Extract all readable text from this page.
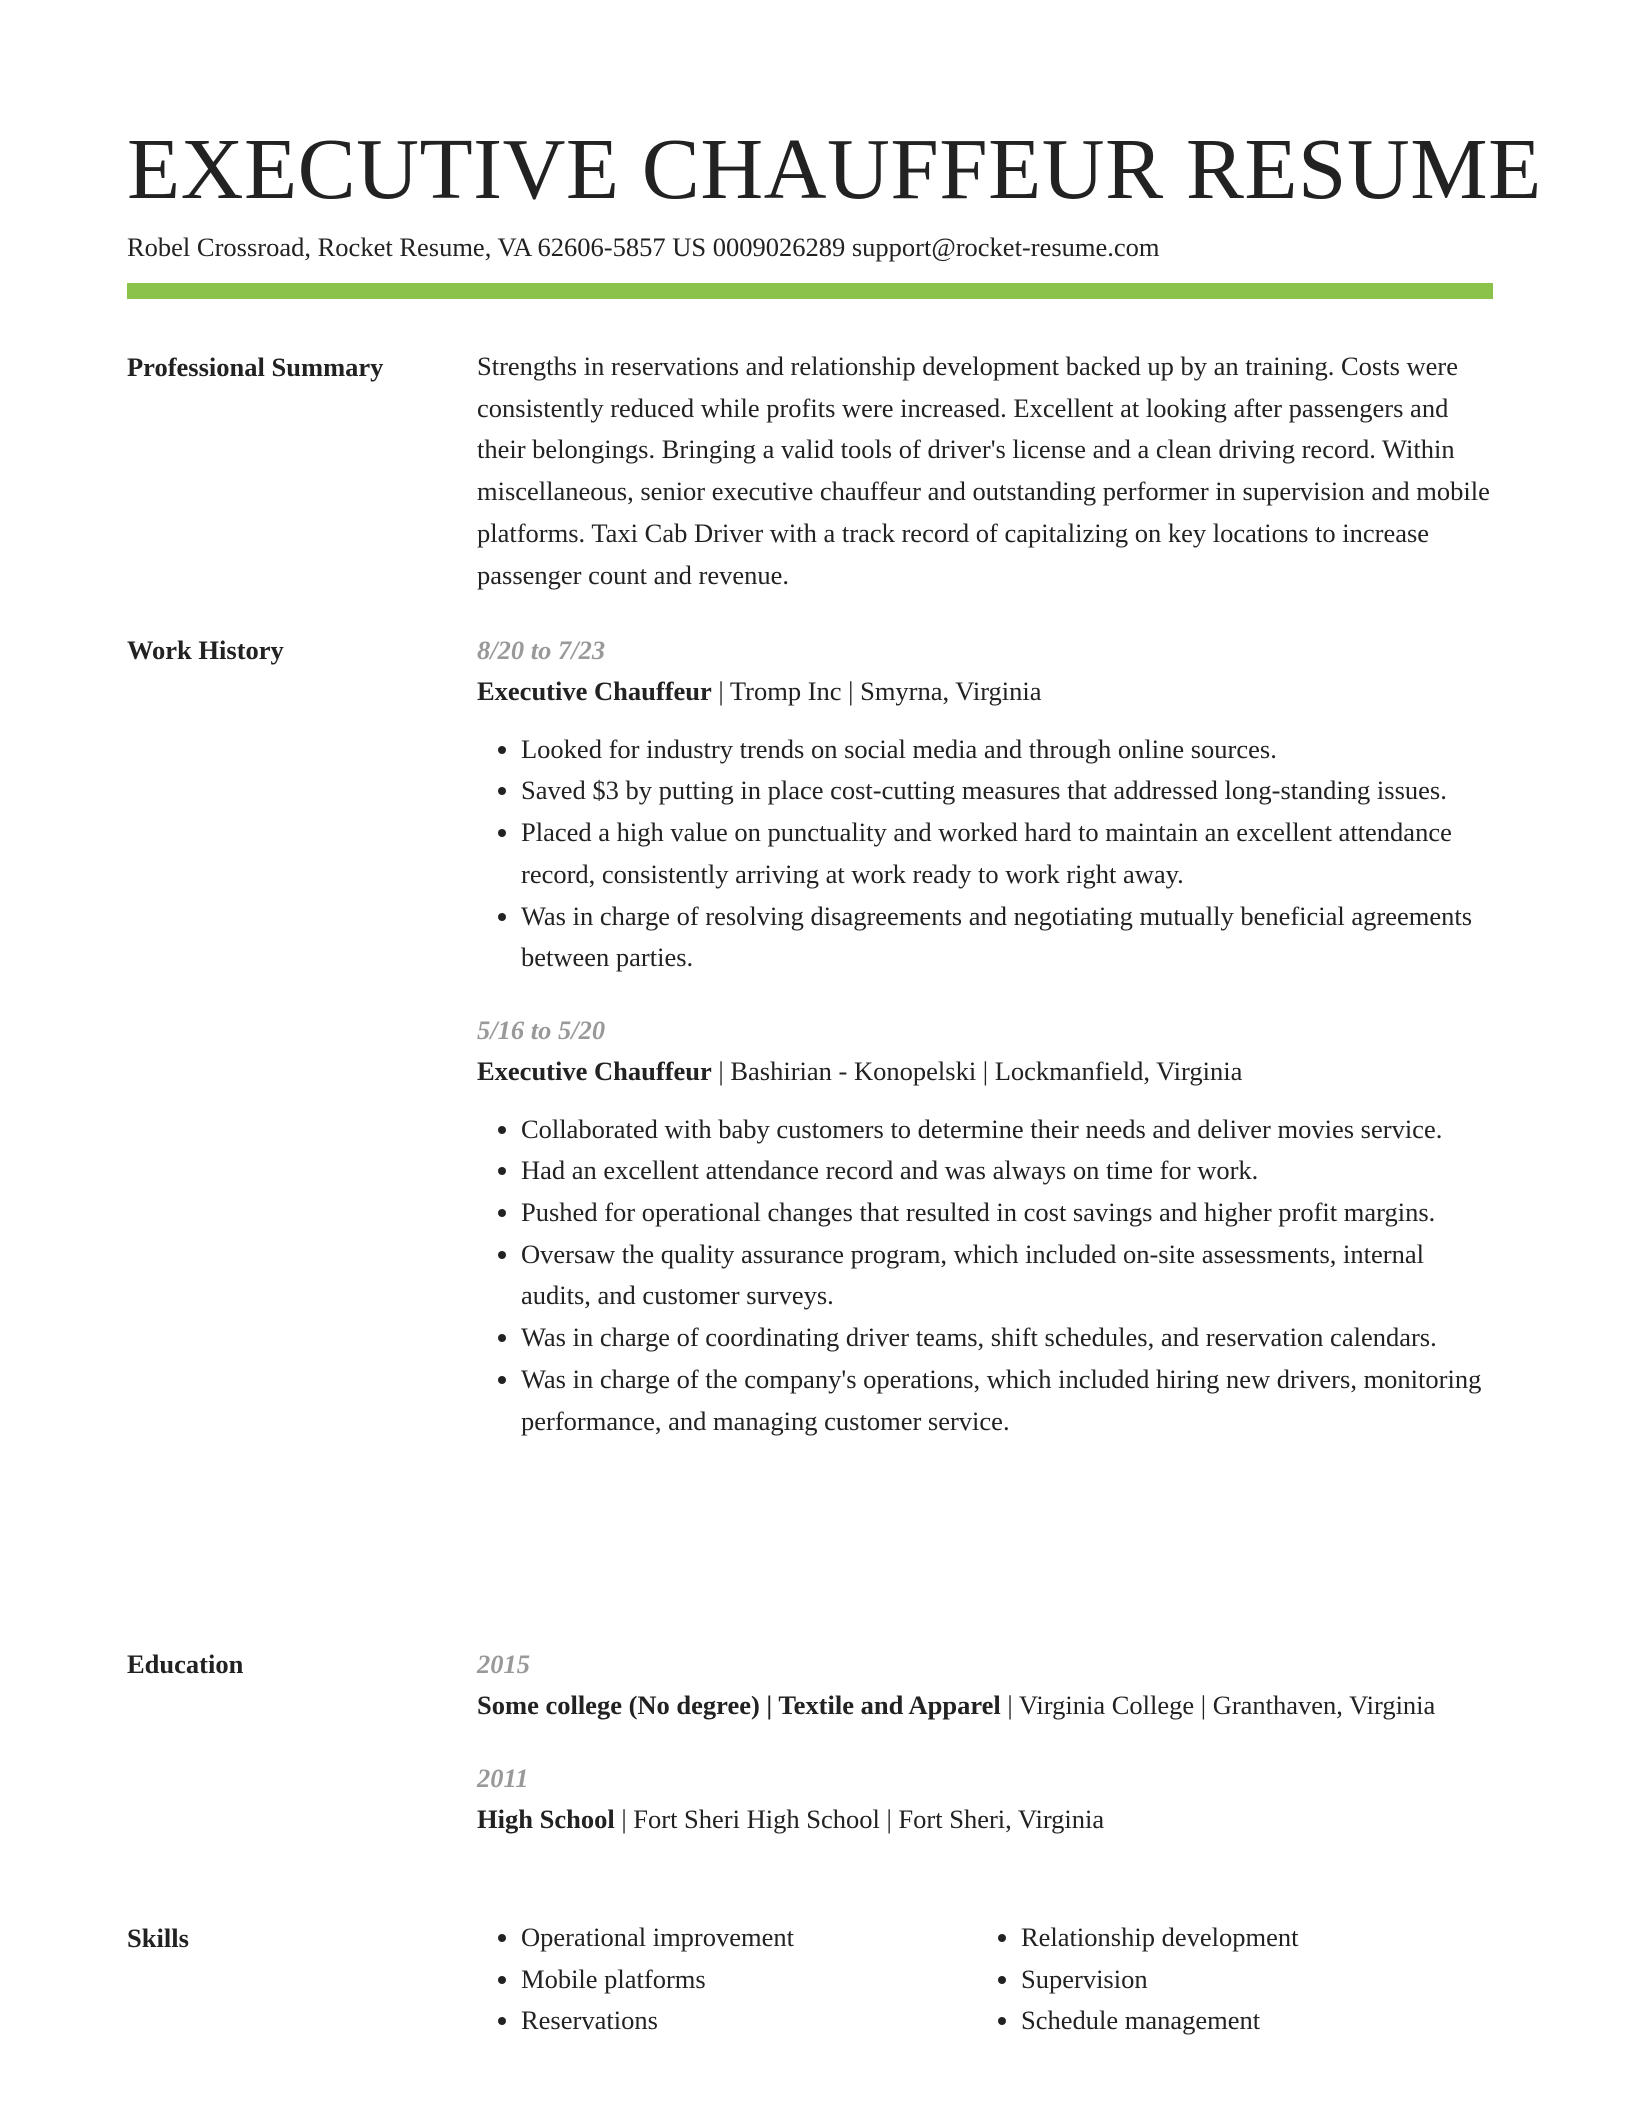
EXECUTIVE CHAUFFEUR RESUME
Robel Crossroad, Rocket Resume, VA 62606-5857 US 0009026289 support@rocket-resume.com
Professional Summary	Strengths in reservations and relationship development backed up by an training. Costs were consistently reduced while profits were increased. Excellent at looking after passengers and their belongings. Bringing a valid tools of driver's license and a clean driving record. Within miscellaneous, senior executive chauffeur and outstanding performer in supervision and mobile platforms. Taxi Cab Driver with a track record of capitalizing on key locations to increase passenger count and revenue.

Work History	8/20 to 7/23
Executive Chauffeur | Tromp Inc | Smyrna, Virginia
• Looked for industry trends on social media and through online sources.
• Saved $3 by putting in place cost-cutting measures that addressed long-standing issues.
• Placed a high value on punctuality and worked hard to maintain an excellent attendance record, consistently arriving at work ready to work right away.
• Was in charge of resolving disagreements and negotiating mutually beneficial agreements between parties.
5/16 to 5/20
Executive Chauffeur | Bashirian - Konopelski | Lockmanfield, Virginia
• Collaborated with baby customers to determine their needs and deliver movies service.
• Had an excellent attendance record and was always on time for work.
• Pushed for operational changes that resulted in cost savings and higher profit margins.
• Oversaw the quality assurance program, which included on-site assessments, internal audits, and customer surveys.
• Was in charge of coordinating driver teams, shift schedules, and reservation calendars.
• Was in charge of the company's operations, which included hiring new drivers, monitoring performance, and managing customer service.
Education	2015
Some college (No degree) | Textile and Apparel | Virginia College | Granthaven, Virginia
2011
High School | Fort Sheri High School | Fort Sheri, Virginia
Skills
•	Operational improvement
• Mobile platforms
• Reservations
• Relationship development
• Supervision
• Schedule management
